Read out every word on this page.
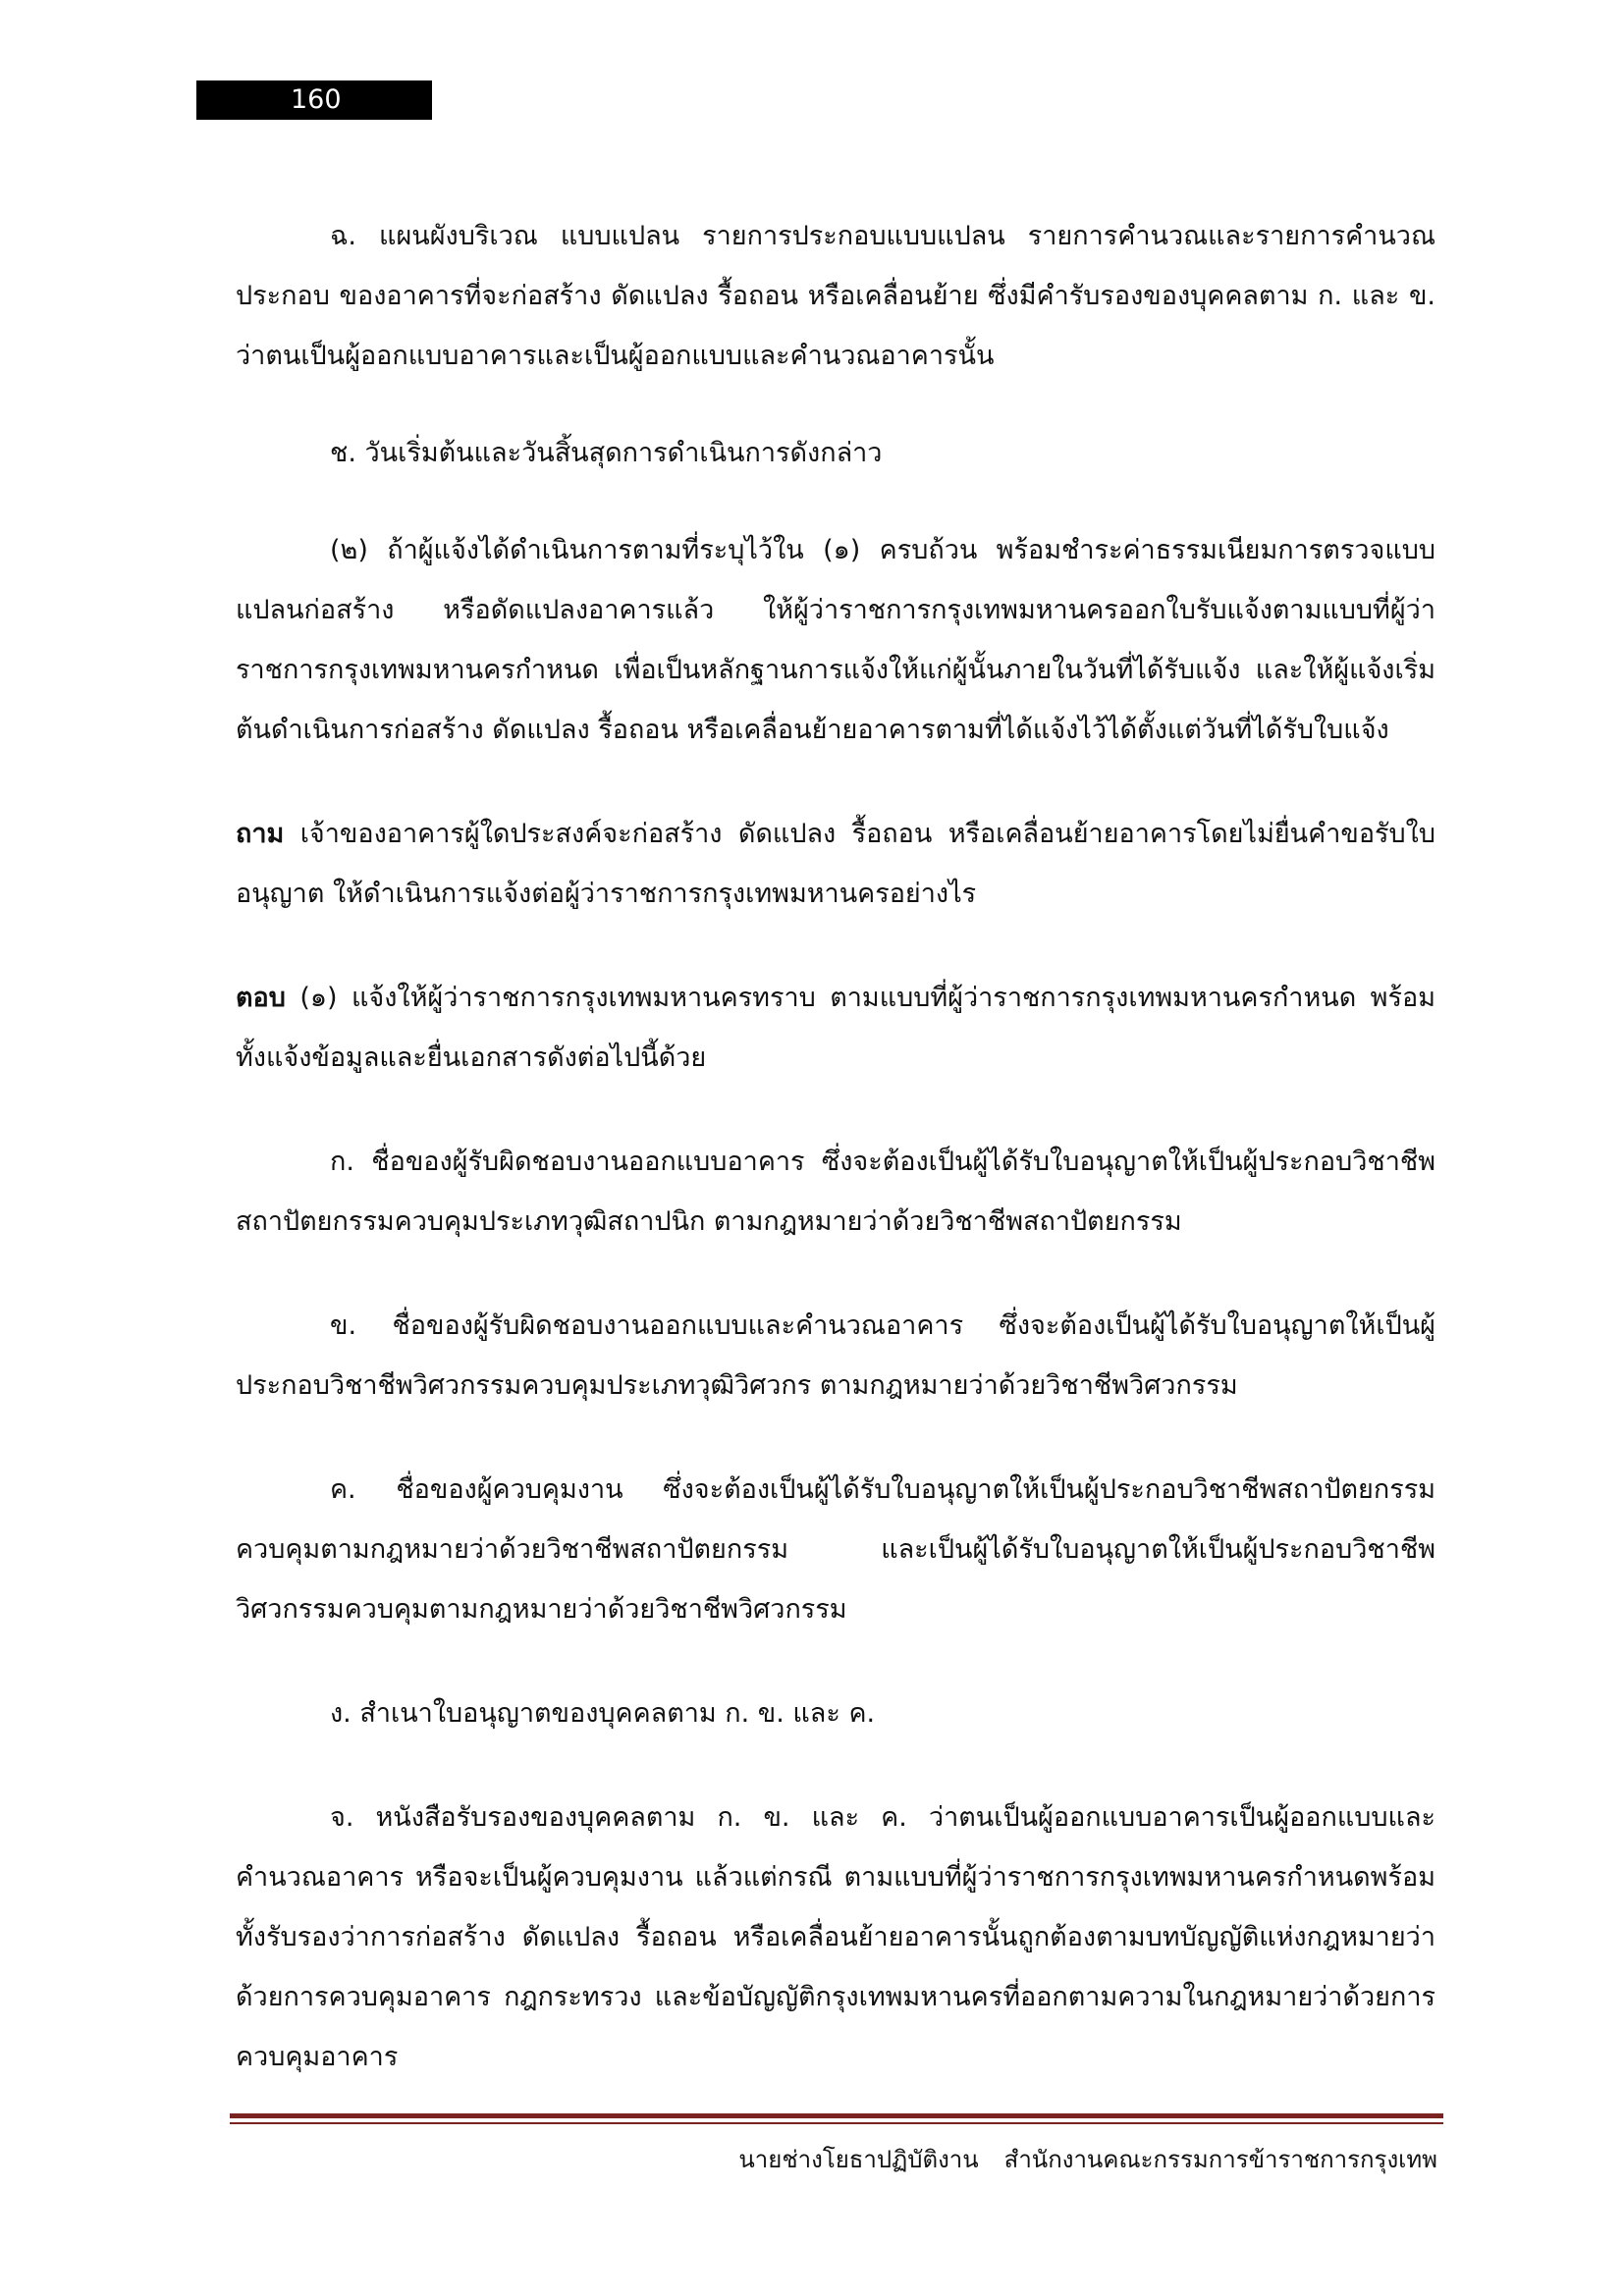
160

ฉ. แผนผังบริเวณ แบบแปลน รายการประกอบแบบแปลน รายการคำนวณและรายการคำนวณประกอบ ของอาคารที่จะก่อสร้าง ดัดแปลง รื้อถอน หรือเคลื่อนย้าย ซึ่งมีคำรับรองของบุคคลตาม ก. และ ข. ว่าตนเป็นผู้ออกแบบอาคารและเป็นผู้ออกแบบและคำนวณอาคารนั้น

ช. วันเริ่มต้นและวันสิ้นสุดการดำเนินการดังกล่าว

(๒) ถ้าผู้แจ้งได้ดำเนินการตามที่ระบุไว้ใน (๑) ครบถ้วน พร้อมชำระค่าธรรมเนียมการตรวจแบบแปลนก่อสร้าง หรือดัดแปลงอาคารแล้ว ให้ผู้ว่าราชการกรุงเทพมหานครออกใบรับแจ้งตามแบบที่ผู้ว่าราชการกรุงเทพมหานครกำหนด เพื่อเป็นหลักฐานการแจ้งให้แก่ผู้นั้นภายในวันที่ได้รับแจ้ง และให้ผู้แจ้งเริ่มต้นดำเนินการก่อสร้าง ดัดแปลง รื้อถอน หรือเคลื่อนย้ายอาคารตามที่ได้แจ้งไว้ได้ตั้งแต่วันที่ได้รับใบแจ้ง

ถาม เจ้าของอาคารผู้ใดประสงค์จะก่อสร้าง ดัดแปลง รื้อถอน หรือเคลื่อนย้ายอาคารโดยไม่ยื่นคำขอรับใบอนุญาต ให้ดำเนินการแจ้งต่อผู้ว่าราชการกรุงเทพมหานครอย่างไร

ตอบ (๑) แจ้งให้ผู้ว่าราชการกรุงเทพมหานครทราบ ตามแบบที่ผู้ว่าราชการกรุงเทพมหานครกำหนด พร้อมทั้งแจ้งข้อมูลและยื่นเอกสารดังต่อไปนี้ด้วย

ก. ชื่อของผู้รับผิดชอบงานออกแบบอาคาร ซึ่งจะต้องเป็นผู้ได้รับใบอนุญาตให้เป็นผู้ประกอบวิชาชีพสถาปัตยกรรมควบคุมประเภทวุฒิสถาปนิก ตามกฎหมายว่าด้วยวิชาชีพสถาปัตยกรรม

ข. ชื่อของผู้รับผิดชอบงานออกแบบและคำนวณอาคาร ซึ่งจะต้องเป็นผู้ได้รับใบอนุญาตให้เป็นผู้ประกอบวิชาชีพวิศวกรรมควบคุมประเภทวุฒิวิศวกร ตามกฎหมายว่าด้วยวิชาชีพวิศวกรรม

ค. ชื่อของผู้ควบคุมงาน ซึ่งจะต้องเป็นผู้ได้รับใบอนุญาตให้เป็นผู้ประกอบวิชาชีพสถาปัตยกรรมควบคุมตามกฎหมายว่าด้วยวิชาชีพสถาปัตยกรรม และเป็นผู้ได้รับใบอนุญาตให้เป็นผู้ประกอบวิชาชีพวิศวกรรมควบคุมตามกฎหมายว่าด้วยวิชาชีพวิศวกรรม

ง. สำเนาใบอนุญาตของบุคคลตาม ก. ข. และ ค.

จ. หนังสือรับรองของบุคคลตาม ก. ข. และ ค. ว่าตนเป็นผู้ออกแบบอาคารเป็นผู้ออกแบบและคำนวณอาคาร หรือจะเป็นผู้ควบคุมงาน แล้วแต่กรณี ตามแบบที่ผู้ว่าราชการกรุงเทพมหานครกำหนดพร้อมทั้งรับรองว่าการก่อสร้าง ดัดแปลง รื้อถอน หรือเคลื่อนย้ายอาคารนั้นถูกต้องตามบทบัญญัติแห่งกฎหมายว่าด้วยการควบคุมอาคาร กฎกระทรวง และข้อบัญญัติกรุงเทพมหานครที่ออกตามความในกฎหมายว่าด้วยการควบคุมอาคาร

นายช่างโยธาปฏิบัติงาน สำนักงานคณะกรรมการข้าราชการกรุงเทพ
